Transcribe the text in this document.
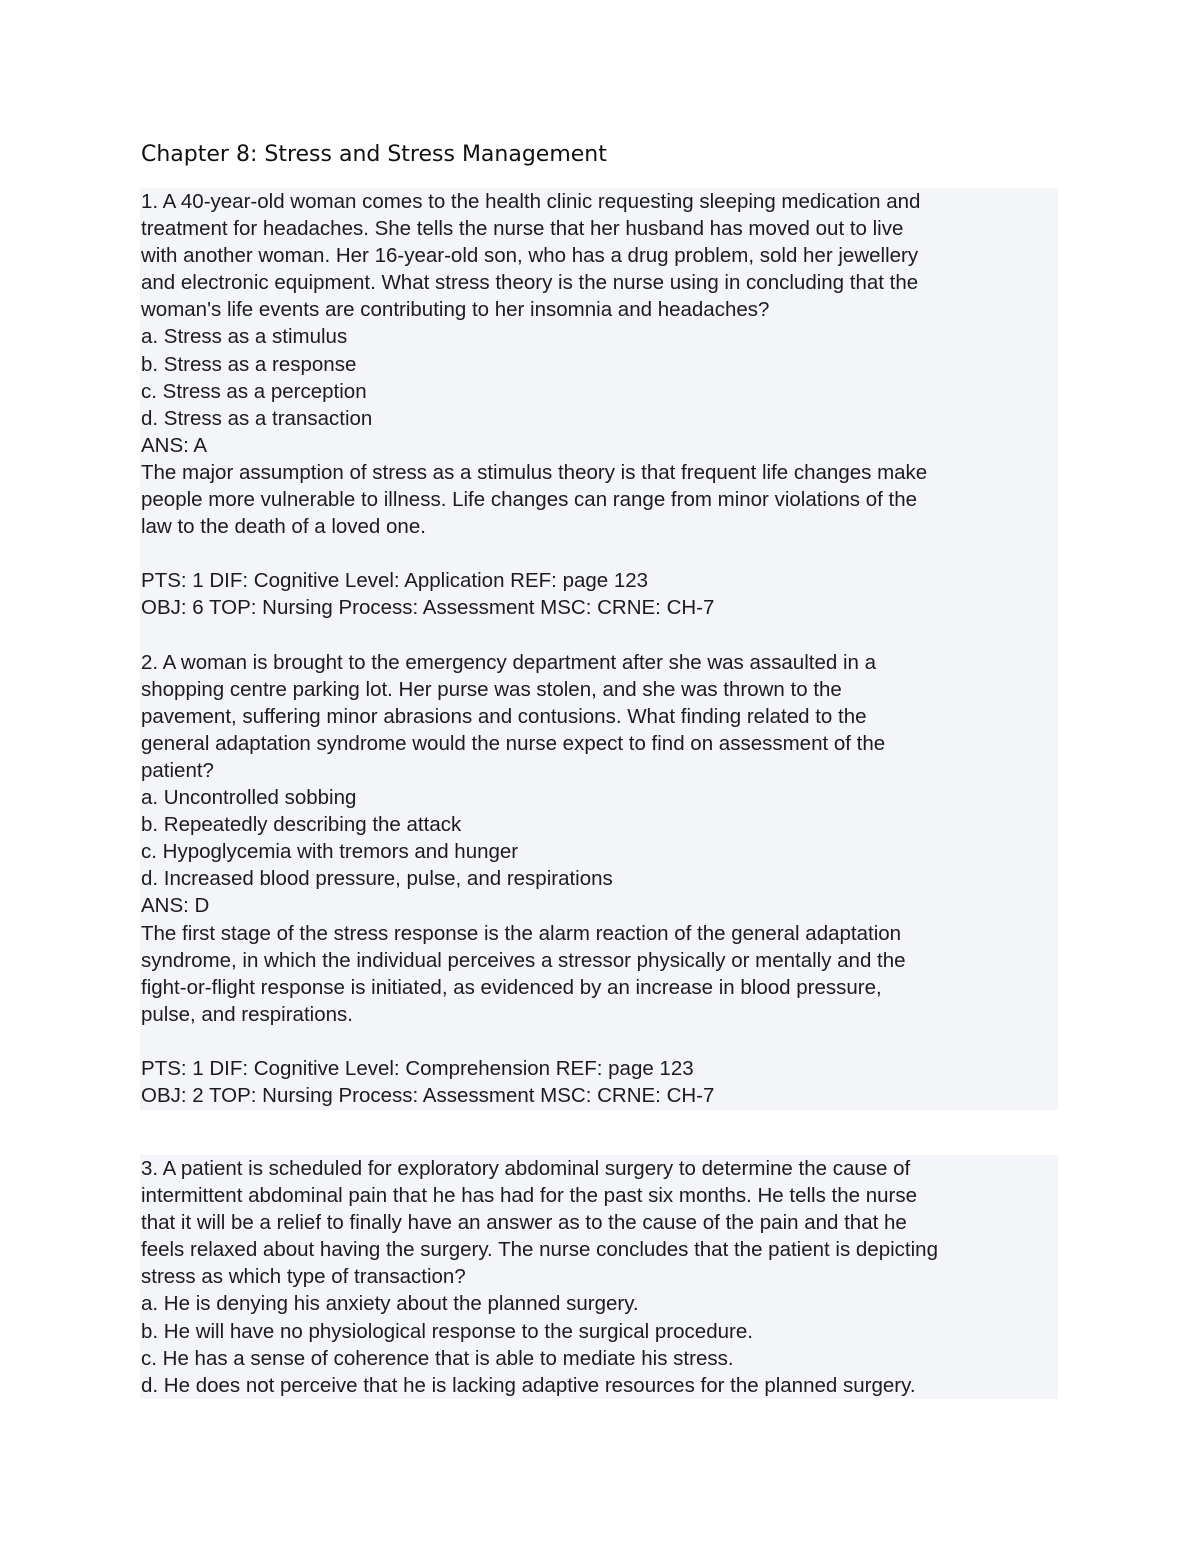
Chapter 8: Stress and Stress Management
1. A 40-year-old woman comes to the health clinic requesting sleeping medication and
treatment for headaches. She tells the nurse that her husband has moved out to live
with another woman. Her 16-year-old son, who has a drug problem, sold her jewellery
and electronic equipment. What stress theory is the nurse using in concluding that the
woman's life events are contributing to her insomnia and headaches?
a. Stress as a stimulus
b. Stress as a response
c. Stress as a perception
d. Stress as a transaction
ANS: A
The major assumption of stress as a stimulus theory is that frequent life changes make
people more vulnerable to illness. Life changes can range from minor violations of the
law to the death of a loved one.
PTS: 1 DIF: Cognitive Level: Application REF: page 123
OBJ: 6 TOP: Nursing Process: Assessment MSC: CRNE: CH-7
2. A woman is brought to the emergency department after she was assaulted in a
shopping centre parking lot. Her purse was stolen, and she was thrown to the
pavement, suffering minor abrasions and contusions. What finding related to the
general adaptation syndrome would the nurse expect to find on assessment of the
patient?
a. Uncontrolled sobbing
b. Repeatedly describing the attack
c. Hypoglycemia with tremors and hunger
d. Increased blood pressure, pulse, and respirations
ANS: D
The first stage of the stress response is the alarm reaction of the general adaptation
syndrome, in which the individual perceives a stressor physically or mentally and the
fight-or-flight response is initiated, as evidenced by an increase in blood pressure,
pulse, and respirations.
PTS: 1 DIF: Cognitive Level: Comprehension REF: page 123
OBJ: 2 TOP: Nursing Process: Assessment MSC: CRNE: CH-7
3. A patient is scheduled for exploratory abdominal surgery to determine the cause of
intermittent abdominal pain that he has had for the past six months. He tells the nurse
that it will be a relief to finally have an answer as to the cause of the pain and that he
feels relaxed about having the surgery. The nurse concludes that the patient is depicting
stress as which type of transaction?
a. He is denying his anxiety about the planned surgery.
b. He will have no physiological response to the surgical procedure.
c. He has a sense of coherence that is able to mediate his stress.
d. He does not perceive that he is lacking adaptive resources for the planned surgery.
